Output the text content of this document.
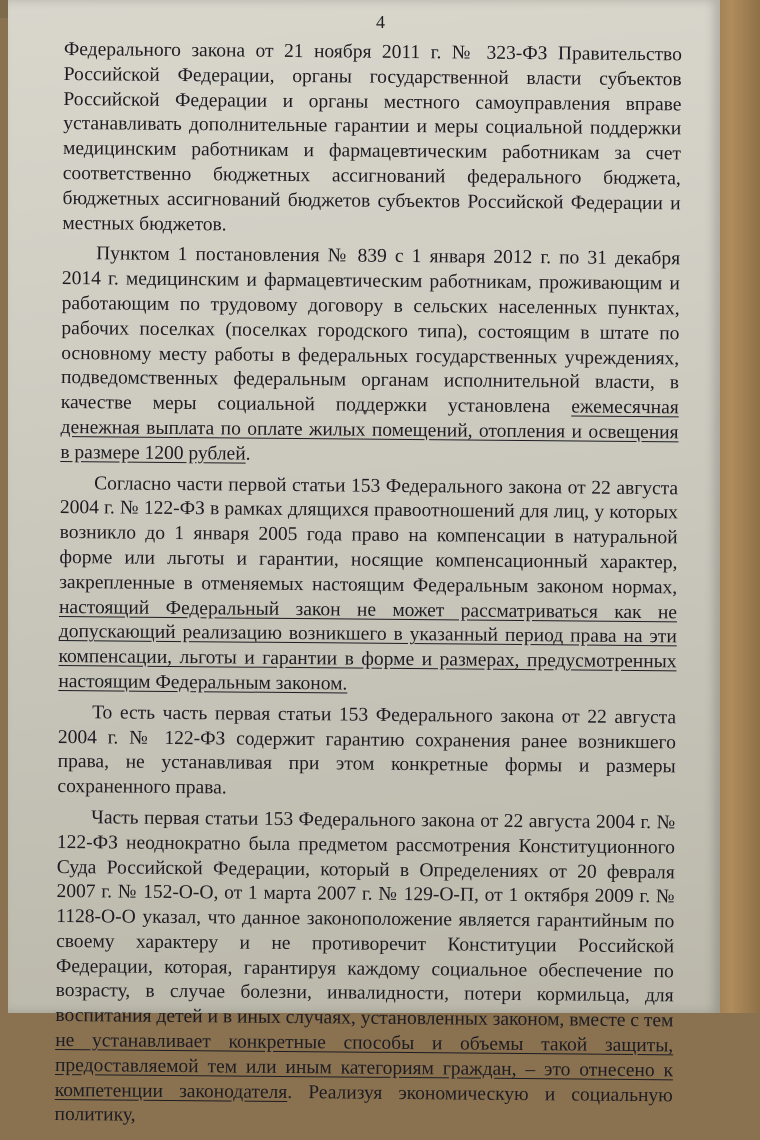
4

Федерального закона от 21 ноября 2011 г. № 323-ФЗ Правительство Российской Федерации, органы государственной власти субъектов Российской Федерации и органы местного самоуправления вправе устанавливать дополнительные гарантии и меры социальной поддержки медицинским работникам и фармацевтическим работникам за счет соответственно бюджетных ассигнований федерального бюджета, бюджетных ассигнований бюджетов субъектов Российской Федерации и местных бюджетов.

Пунктом 1 постановления № 839 с 1 января 2012 г. по 31 декабря 2014 г. медицинским и фармацевтическим работникам, проживающим и работающим по трудовому договору в сельских населенных пунктах, рабочих поселках (поселках городского типа), состоящим в штате по основному месту работы в федеральных государственных учреждениях, подведомственных федеральным органам исполнительной власти, в качестве меры социальной поддержки установлена ежемесячная денежная выплата по оплате жилых помещений, отопления и освещения в размере 1200 рублей.

Согласно части первой статьи 153 Федерального закона от 22 августа 2004 г. № 122-ФЗ в рамках длящихся правоотношений для лиц, у которых возникло до 1 января 2005 года право на компенсации в натуральной форме или льготы и гарантии, носящие компенсационный характер, закрепленные в отменяемых настоящим Федеральным законом нормах, настоящий Федеральный закон не может рассматриваться как не допускающий реализацию возникшего в указанный период права на эти компенсации, льготы и гарантии в форме и размерах, предусмотренных настоящим Федеральным законом.

То есть часть первая статьи 153 Федерального закона от 22 августа 2004 г. № 122-ФЗ содержит гарантию сохранения ранее возникшего права, не устанавливая при этом конкретные формы и размеры сохраненного права.

Часть первая статьи 153 Федерального закона от 22 августа 2004 г. № 122-ФЗ неоднократно была предметом рассмотрения Конституционного Суда Российской Федерации, который в Определениях от 20 февраля 2007 г. № 152-О-О, от 1 марта 2007 г. № 129-О-П, от 1 октября 2009 г. № 1128-О-О указал, что данное законоположение является гарантийным по своему характеру и не противоречит Конституции Российской Федерации, которая, гарантируя каждому социальное обеспечение по возрасту, в случае болезни, инвалидности, потери кормильца, для воспитания детей и в иных случаях, установленных законом, вместе с тем не устанавливает конкретные способы и объемы такой защиты, предоставляемой тем или иным категориям граждан, – это отнесено к компетенции законодателя. Реализуя экономическую и социальную политику,
